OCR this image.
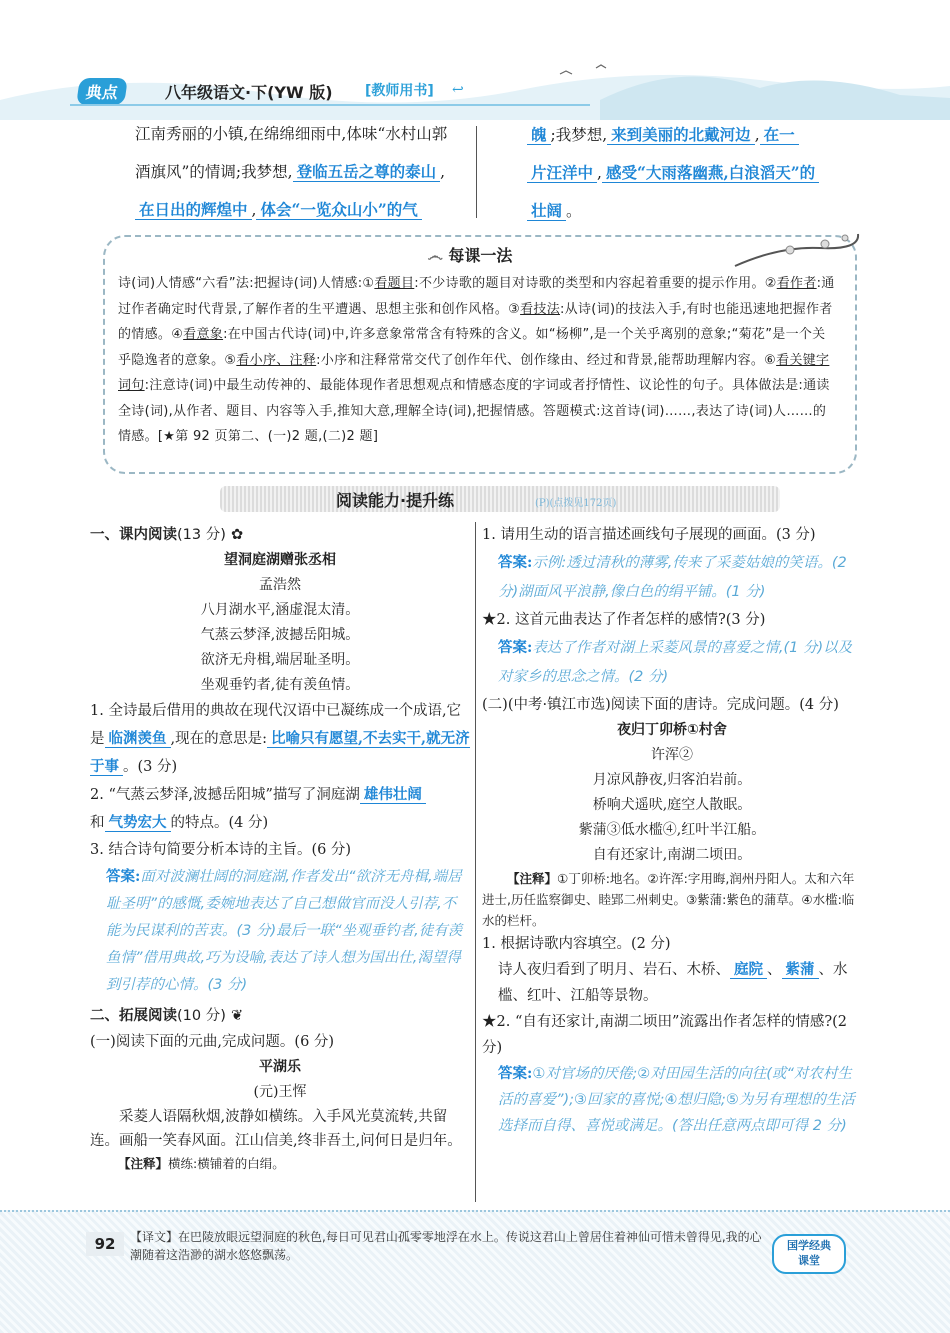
典点	八年级语文·下(YW 版) [教师用书] ↩
江南秀丽的小镇,在绵绵细雨中,体味“水村山郭
酒旗风”的情调;我梦想, 登临五岳之尊的泰山 ,
在日出的辉煌中 , 体会“一览众山小”的气
魄 ;我梦想, 来到美丽的北戴河边 , 在一
片汪洋中 , 感受“大雨落幽燕,白浪滔天”的
壮阔 。
෴ 每课一法
诗(词)人情感“六看”法:把握诗(词)人情感:①看题目:不少诗歌的题目对诗歌的类型和内容起着重要的提示作用。②看作者:通过作者确定时代背景,了解作者的生平遭遇、思想主张和创作风格。③看技法:从诗(词)的技法入手,有时也能迅速地把握作者的情感。④看意象:在中国古代诗(词)中,许多意象常常含有特殊的含义。如“杨柳”,是一个关乎离别的意象;“菊花”是一个关乎隐逸者的意象。⑤看小序、注释:小序和注释常常交代了创作年代、创作缘由、经过和背景,能帮助理解内容。⑥看关键字词句:注意诗(词)中最生动传神的、最能体现作者思想观点和情感态度的字词或者抒情性、议论性的句子。具体做法是:通读全诗(词),从作者、题目、内容等入手,推知大意,理解全诗(词),把握情感。答题模式:这首诗(词)……,表达了诗(词)人……的情感。[★第 92 页第二、(一)2 题,(二)2 题]
阅读能力·提升练	(P)(点拨见172页)
一、课内阅读(13 分) ✿
望洞庭湖赠张丞相
孟浩然
八月湖水平,涵虚混太清。
气蒸云梦泽,波撼岳阳城。
欲济无舟楫,端居耻圣明。
坐观垂钓者,徒有羡鱼情。
1. 全诗最后借用的典故在现代汉语中已凝练成一个成语,它是 临渊羡鱼 ,现在的意思是: 比喻只有愿望,不去实干,就无济于事 。(3 分)
2. “气蒸云梦泽,波撼岳阳城”描写了洞庭湖 雄伟壮阔
和 气势宏大 的特点。(4 分)
3. 结合诗句简要分析本诗的主旨。(6 分)
答案:面对波澜壮阔的洞庭湖,作者发出“欲济无舟楫,端居耻圣明”的感慨,委婉地表达了自己想做官而没人引荐,不能为民谋利的苦衷。(3 分)最后一联“坐观垂钓者,徒有羡鱼情”借用典故,巧为设喻,表达了诗人想为国出仕,渴望得到引荐的心情。(3 分)
二、拓展阅读(10 分) ❦
(一)阅读下面的元曲,完成问题。(6 分)
平湖乐
(元)王恽
采菱人语隔秋烟,波静如横练。入手风光莫流转,共留连。画船一笑春风面。江山信美,终非吾土,问何日是归年。
【注释】横练:横铺着的白绢。
1. 请用生动的语言描述画线句子展现的画面。(3 分)
答案:示例:透过清秋的薄雾,传来了采菱姑娘的笑语。(2 分)湖面风平浪静,像白色的绢平铺。(1 分)
★2. 这首元曲表达了作者怎样的感情?(3 分)
答案:表达了作者对湖上采菱风景的喜爱之情,(1 分)以及对家乡的思念之情。(2 分)
(二)(中考·镇江市选)阅读下面的唐诗。完成问题。(4 分)
夜归丁卯桥①村舍
许浑②
月凉风静夜,归客泊岩前。
桥响犬遥吠,庭空人散眠。
紫蒲③低水槛④,红叶半江船。
自有还家计,南湖二顷田。
【注释】①丁卯桥:地名。②许浑:字用晦,润州丹阳人。太和六年进士,历任监察御史、睦郢二州刺史。③紫蒲:紫色的蒲草。④水槛:临水的栏杆。
1. 根据诗歌内容填空。(2 分)
诗人夜归看到了明月、岩石、木桥、 庭院 、 紫蒲 、水槛、红叶、江船等景物。
★2. “自有还家计,南湖二顷田”流露出作者怎样的情感?(2 分)
答案:①对官场的厌倦;②对田园生活的向往(或“对农村生活的喜爱”);③回家的喜悦;④想归隐;⑤为另有理想的生活选择而自得、喜悦或满足。(答出任意两点即可得 2 分)
92	【译文】在巴陵放眼远望洞庭的秋色,每日可见君山孤零零地浮在水上。传说这君山上曾居住着神仙可惜未曾得见,我的心潮随着这浩渺的湖水悠悠飘荡。
国学经典
课堂
